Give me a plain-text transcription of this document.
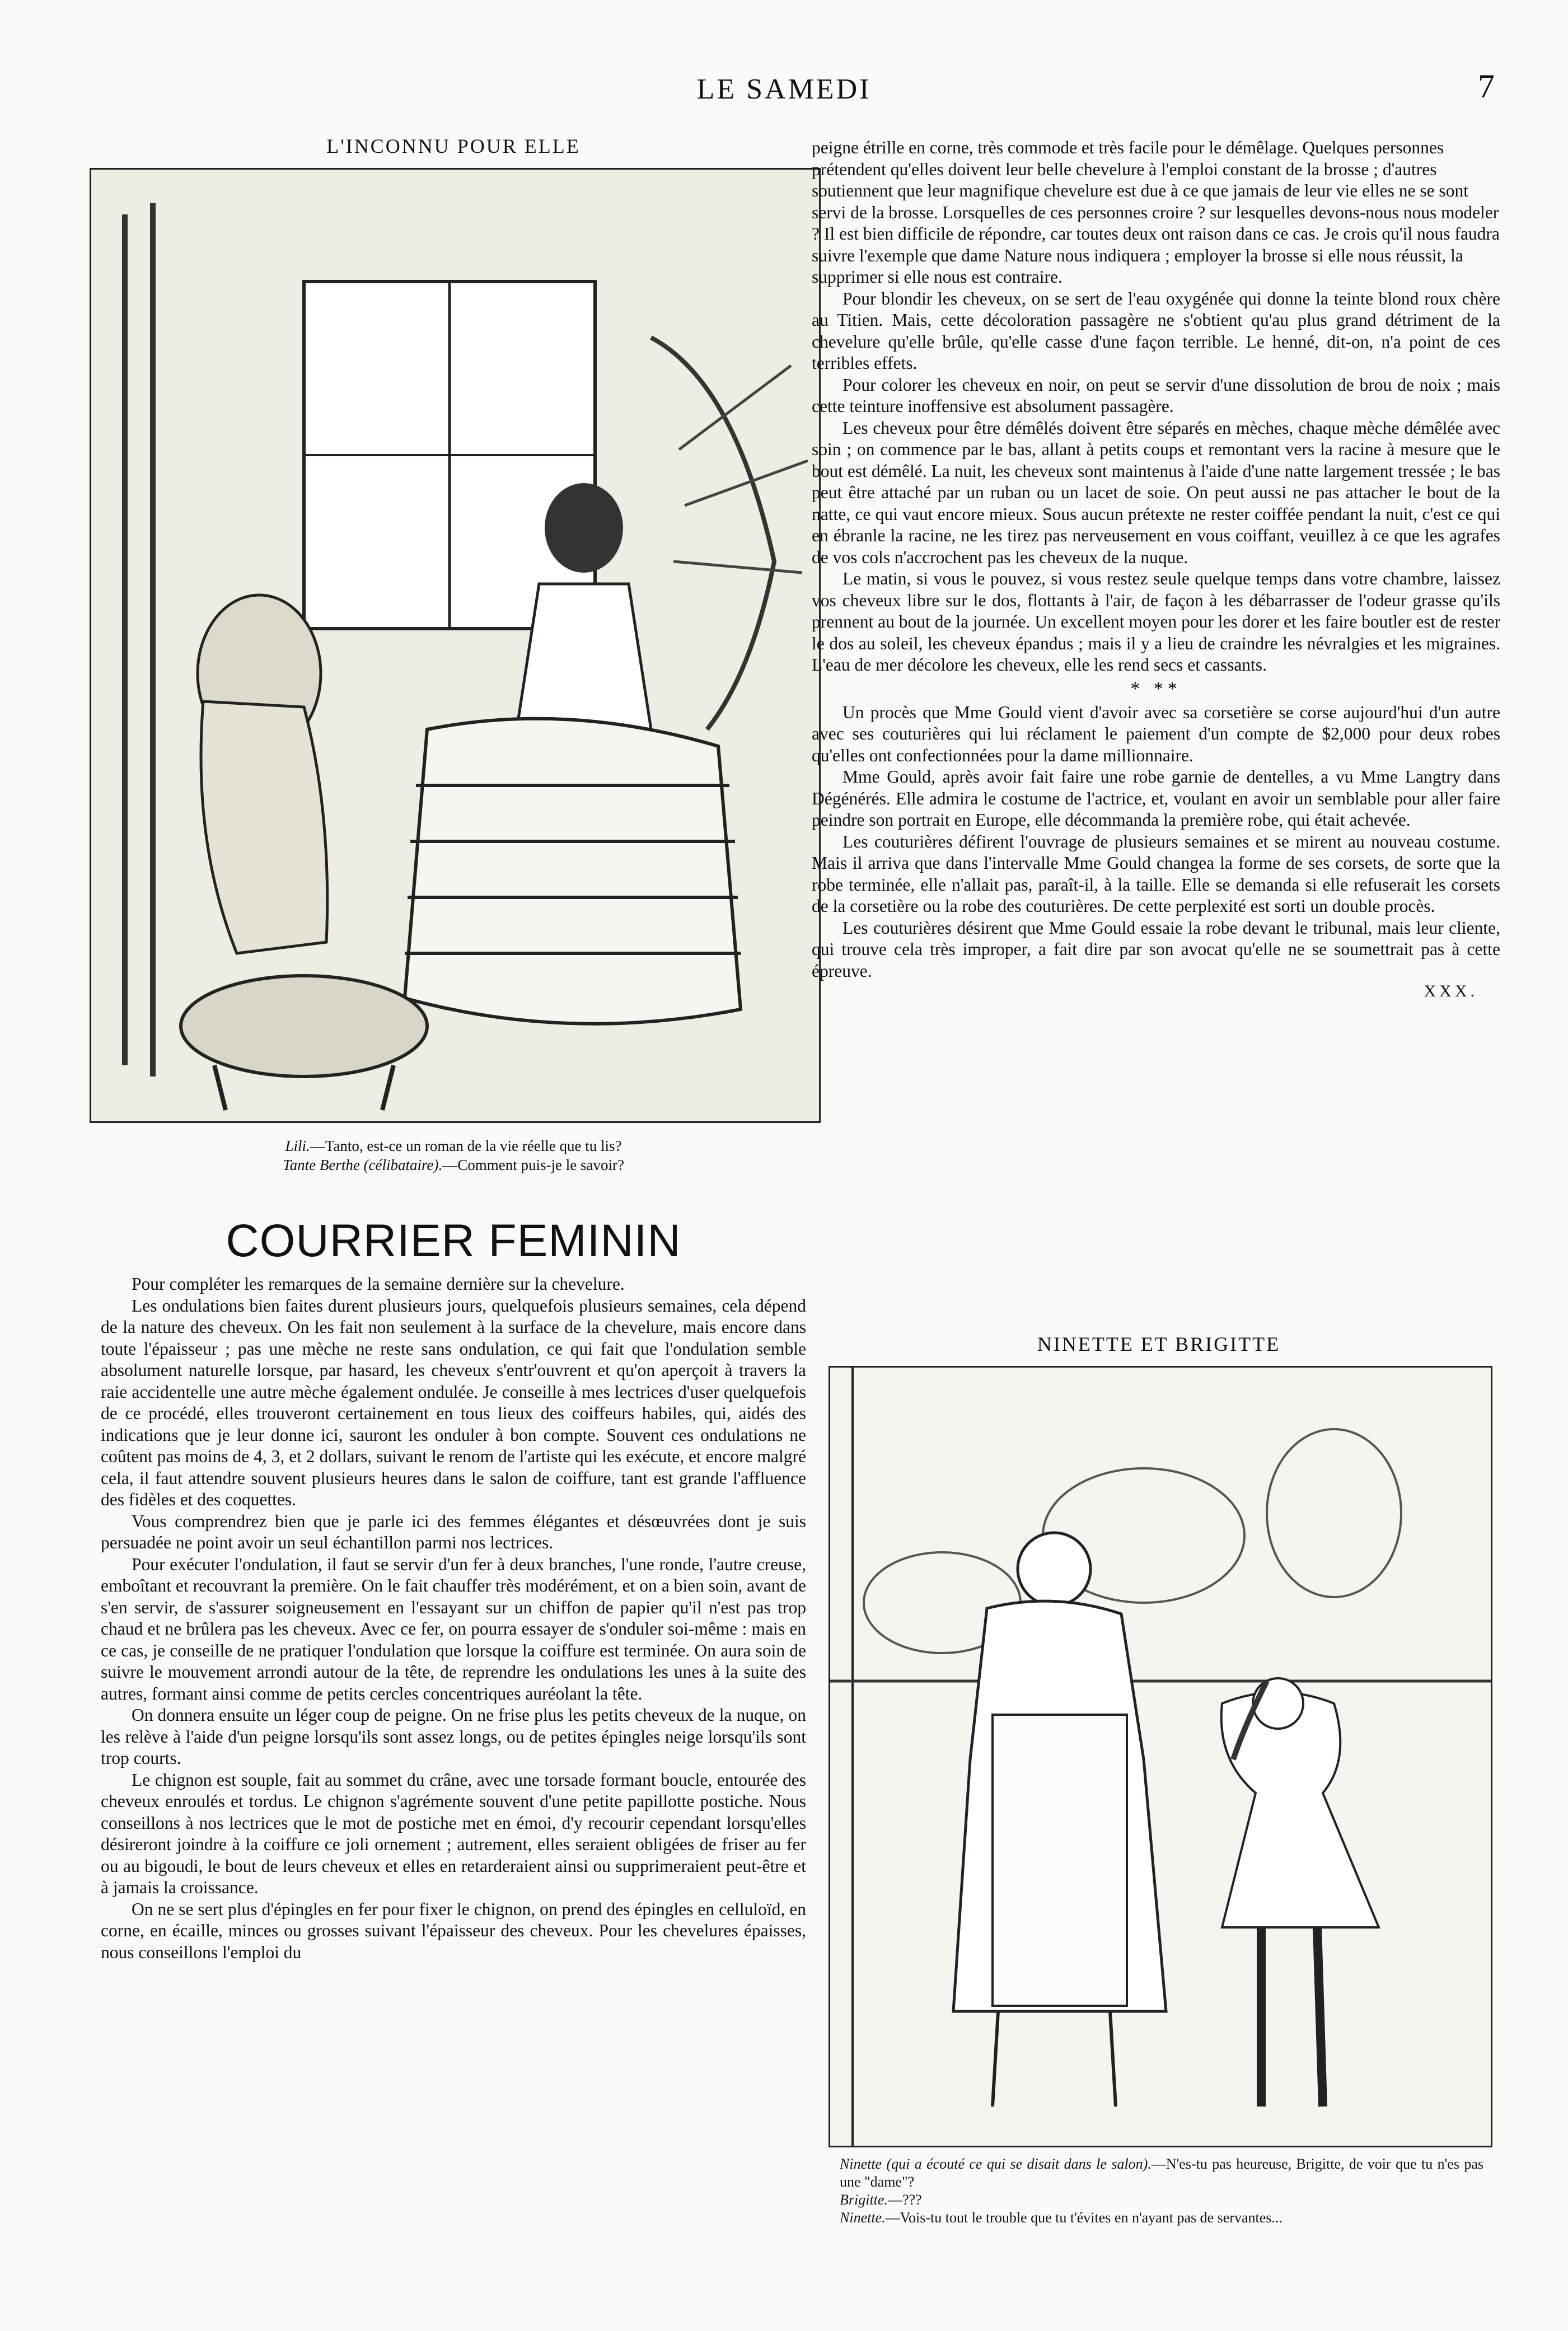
LE SAMEDI	7
L'INCONNU POUR ELLE

Lili.—Tanto, est-ce un roman de la vie réelle que tu lis?

Tante Berthe (célibataire).—Comment puis-je le savoir?

COURRIER FEMININ

Pour compléter les remarques de la semaine dernière sur la chevelure.

Les ondulations bien faites durent plusieurs jours, quelquefois plusieurs semaines, cela dépend de la nature des cheveux. On les fait non seulement à la surface de la chevelure, mais encore dans toute l'épaisseur ; pas une mèche ne reste sans ondulation, ce qui fait que l'ondulation semble absolument naturelle lorsque, par hasard, les cheveux s'entr'ouvrent et qu'on aperçoit à travers la raie accidentelle une autre mèche également ondulée. Je conseille à mes lectrices d'user quelquefois de ce procédé, elles trouveront certainement en tous lieux des coiffeurs habiles, qui, aidés des indications que je leur donne ici, sauront les onduler à bon compte. Souvent ces ondulations ne coûtent pas moins de 4, 3, et 2 dollars, suivant le renom de l'artiste qui les exécute, et encore malgré cela, il faut attendre souvent plusieurs heures dans le salon de coiffure, tant est grande l'affluence des fidèles et des coquettes.

Vous comprendrez bien que je parle ici des femmes élégantes et désœuvrées dont je suis persuadée ne point avoir un seul échantillon parmi nos lectrices.

Pour exécuter l'ondulation, il faut se servir d'un fer à deux branches, l'une ronde, l'autre creuse, emboîtant et recouvrant la première. On le fait chauffer très modérément, et on a bien soin, avant de s'en servir, de s'assurer soigneusement en l'essayant sur un chiffon de papier qu'il n'est pas trop chaud et ne brûlera pas les cheveux. Avec ce fer, on pourra essayer de s'onduler soi-même : mais en ce cas, je conseille de ne pratiquer l'ondulation que lorsque la coiffure est terminée. On aura soin de suivre le mouvement arrondi autour de la tête, de reprendre les ondulations les unes à la suite des autres, formant ainsi comme de petits cercles concentriques auréolant la tête.

On donnera ensuite un léger coup de peigne. On ne frise plus les petits cheveux de la nuque, on les relève à l'aide d'un peigne lorsqu'ils sont assez longs, ou de petites épingles neige lorsqu'ils sont trop courts.

Le chignon est souple, fait au sommet du crâne, avec une torsade formant boucle, entourée des cheveux enroulés et tordus. Le chignon s'agrémente souvent d'une petite papillotte postiche. Nous conseillons à nos lectrices que le mot de postiche met en émoi, d'y recourir cependant lorsqu'elles désireront joindre à la coiffure ce joli ornement ; autrement, elles seraient obligées de friser au fer ou au bigoudi, le bout de leurs cheveux et elles en retarderaient ainsi ou supprimeraient peut-être et à jamais la croissance.

On ne se sert plus d'épingles en fer pour fixer le chignon, on prend des épingles en celluloïd, en corne, en écaille, minces ou grosses suivant l'épaisseur des cheveux. Pour les chevelures épaisses, nous conseillons l'emploi du

peigne étrille en corne, très commode et très facile pour le démêlage. Quelques personnes prétendent qu'elles doivent leur belle chevelure à l'emploi constant de la brosse ; d'autres soutiennent que leur magnifique chevelure est due à ce que jamais de leur vie elles ne se sont servi de la brosse. Lorsquelles de ces personnes croire ? sur lesquelles devons-nous nous modeler ? Il est bien difficile de répondre, car toutes deux ont raison dans ce cas. Je crois qu'il nous faudra suivre l'exemple que dame Nature nous indiquera ; employer la brosse si elle nous réussit, la supprimer si elle nous est contraire.

Pour blondir les cheveux, on se sert de l'eau oxygénée qui donne la teinte blond roux chère au Titien. Mais, cette décoloration passagère ne s'obtient qu'au plus grand détriment de la chevelure qu'elle brûle, qu'elle casse d'une façon terrible. Le henné, dit-on, n'a point de ces terribles effets.

Pour colorer les cheveux en noir, on peut se servir d'une dissolution de brou de noix ; mais cette teinture inoffensive est absolument passagère.

Les cheveux pour être démêlés doivent être séparés en mèches, chaque mèche démêlée avec soin ; on commence par le bas, allant à petits coups et remontant vers la racine à mesure que le bout est démêlé. La nuit, les cheveux sont maintenus à l'aide d'une natte largement tressée ; le bas peut être attaché par un ruban ou un lacet de soie. On peut aussi ne pas attacher le bout de la natte, ce qui vaut encore mieux. Sous aucun prétexte ne rester coiffée pendant la nuit, c'est ce qui en ébranle la racine, ne les tirez pas nerveusement en vous coiffant, veuillez à ce que les agrafes de vos cols n'accrochent pas les cheveux de la nuque.

Le matin, si vous le pouvez, si vous restez seule quelque temps dans votre chambre, laissez vos cheveux libre sur le dos, flottants à l'air, de façon à les débarrasser de l'odeur grasse qu'ils prennent au bout de la journée. Un excellent moyen pour les dorer et les faire boutler est de rester le dos au soleil, les cheveux épandus ; mais il y a lieu de craindre les névralgies et les migraines. L'eau de mer décolore les cheveux, elle les rend secs et cassants.

* **

Un procès que Mme Gould vient d'avoir avec sa corsetière se corse aujourd'hui d'un autre avec ses couturières qui lui réclament le paiement d'un compte de $2,000 pour deux robes qu'elles ont confectionnées pour la dame millionnaire.

Mme Gould, après avoir fait faire une robe garnie de dentelles, a vu Mme Langtry dans Dégénérés. Elle admira le costume de l'actrice, et, voulant en avoir un semblable pour aller faire peindre son portrait en Europe, elle décommanda la première robe, qui était achevée.

Les couturières défirent l'ouvrage de plusieurs semaines et se mirent au nouveau costume. Mais il arriva que dans l'intervalle Mme Gould changea la forme de ses corsets, de sorte que la robe terminée, elle n'allait pas, paraît-il, à la taille. Elle se demanda si elle refuserait les corsets de la corsetière ou la robe des couturières. De cette perplexité est sorti un double procès.

Les couturières désirent que Mme Gould essaie la robe devant le tribunal, mais leur cliente, qui trouve cela très improper, a fait dire par son avocat qu'elle ne se soumettrait pas à cette épreuve.

XXX.
NINETTE ET BRIGITTE

Ninette (qui a écouté ce qui se disait dans le salon).—N'es-tu pas heureuse, Brigitte, de voir que tu n'es pas une "dame"?

Brigitte.—???

Ninette.—Vois-tu tout le trouble que tu t'évites en n'ayant pas de servantes...
